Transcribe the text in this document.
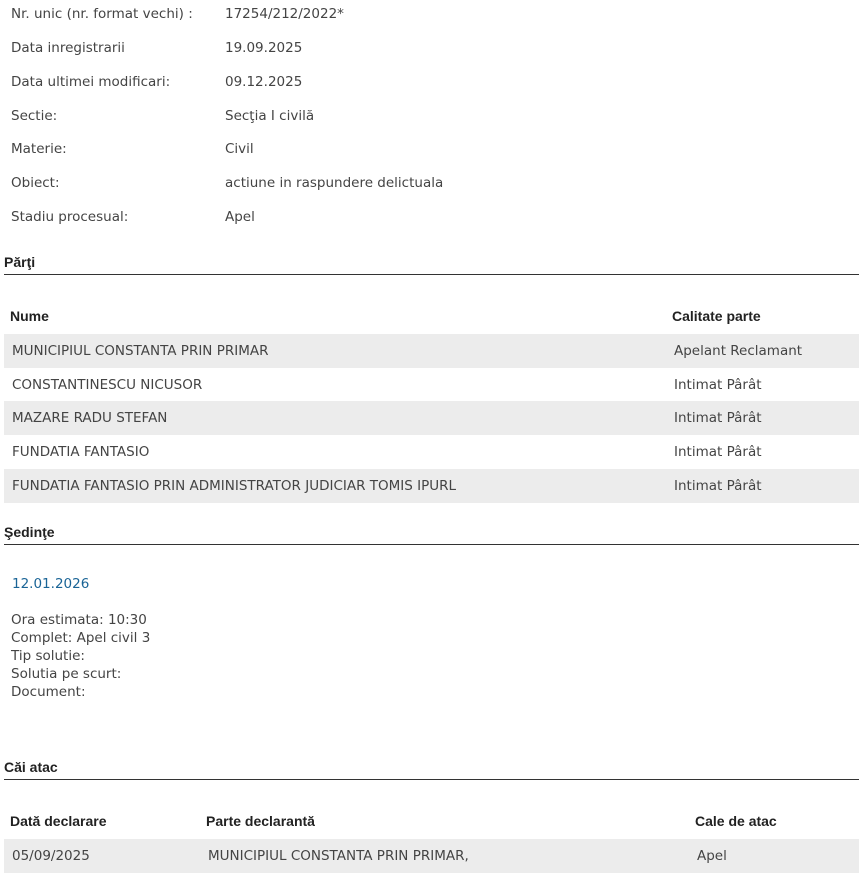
Nr. unic (nr. format vechi) : 17254/212/2022*
Data inregistrarii	19.09.2025
Data ultimei modificari:	09.12.2025
Sectie:	Secţia I civilă
Materie:	Civil
Obiect:	actiune in raspundere delictuala
Stadiu procesual:	Apel
Părţi
Nume	Calitate parte
MUNICIPIUL CONSTANTA PRIN PRIMAR	Apelant Reclamant
CONSTANTINESCU NICUSOR	Intimat Pârât
MAZARE RADU STEFAN	Intimat Pârât
FUNDATIA FANTASIO	Intimat Pârât
FUNDATIA FANTASIO PRIN ADMINISTRATOR JUDICIAR TOMIS IPURL	Intimat Pârât
Şedinţe
12.01.2026
Ora estimata: 10:30
Complet: Apel civil 3
Tip solutie:
Solutia pe scurt:
Document:
Căi atac
Dată declarare	Parte declarantă	Cale de atac
05/09/2025	MUNICIPIUL CONSTANTA PRIN PRIMAR,	Apel
